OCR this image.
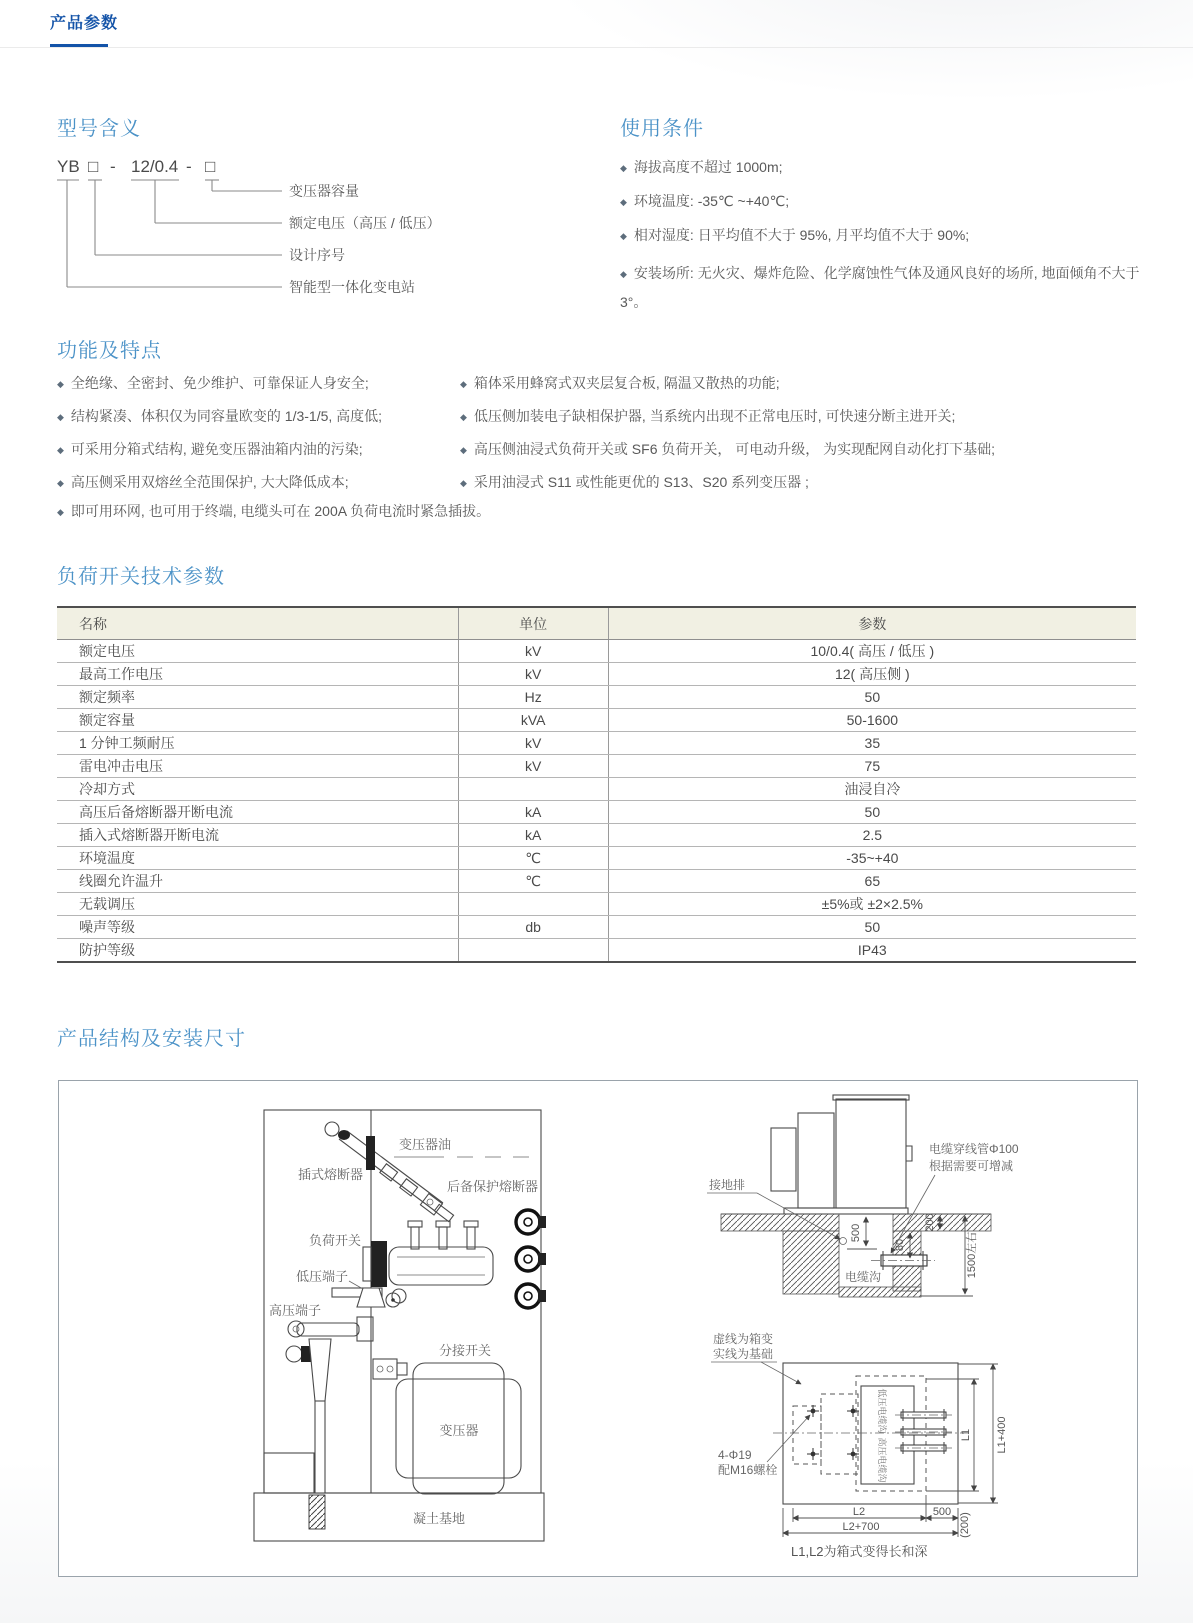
产品参数
型号含义
YB □ - 12/0.4 - □
变压器容量
额定电压（高压 / 低压）
设计序号
智能型一体化变电站
使用条件
◆ 海拔高度不超过 1000m;
◆ 环境温度: -35℃ ~+40℃;
◆ 相对湿度: 日平均值不大于 95%, 月平均值不大于 90%;
◆ 安装场所: 无火灾、爆炸危险、化学腐蚀性气体及通风良好的场所, 地面倾角不大于 3°。
功能及特点
◆ 全绝缘、全密封、免少维护、可靠保证人身安全;
◆ 结构紧凑、体积仅为同容量欧变的 1/3-1/5, 高度低;
◆ 可采用分箱式结构, 避免变压器油箱内油的污染;
◆ 高压侧采用双熔丝全范围保护, 大大降低成本;
◆ 箱体采用蜂窝式双夹层复合板, 隔温又散热的功能;
◆ 低压侧加装电子缺相保护器, 当系统内出现不正常电压时, 可快速分断主进开关;
◆ 高压侧油浸式负荷开关或 SF6 负荷开关， 可电动升级， 为实现配网自动化打下基础;
◆ 采用油浸式 S11 或性能更优的 S13、S20 系列变压器 ;
◆ 即可用环网, 也可用于终端, 电缆头可在 200A 负荷电流时紧急插拔。
负荷开关技术参数
名称	单位	参数
额定电压	kV	10/0.4( 高压 / 低压 )
最高工作电压	kV	12( 高压侧 )
额定频率	Hz	50
额定容量	kVA	50-1600
1 分钟工频耐压	kV	35
雷电冲击电压	kV	75
冷却方式		油浸自冷
高压后备熔断器开断电流	kA	50
插入式熔断器开断电流	kA	2.5
环境温度	℃	-35~+40
线圈允许温升	℃	65
无载调压		±5%或 ±2×2.5%
噪声等级	db	50
防护等级		IP43
产品结构及安装尺寸
凝土基地
变压器油
插式熔断器
后备保护熔断器
负荷开关
低压端子
高压端子
分接开关
变压器
接地排
电缆穿线管Φ100
根据需要可增减
电缆沟
500
200
80	1500左右
低压电缆沟
高压电缆沟
虚线为箱变
实线为基础
4-Φ19
配M16螺栓
L2	500
L2+700	(200)
L1 L1+400
L1,L2为箱式变得长和深
